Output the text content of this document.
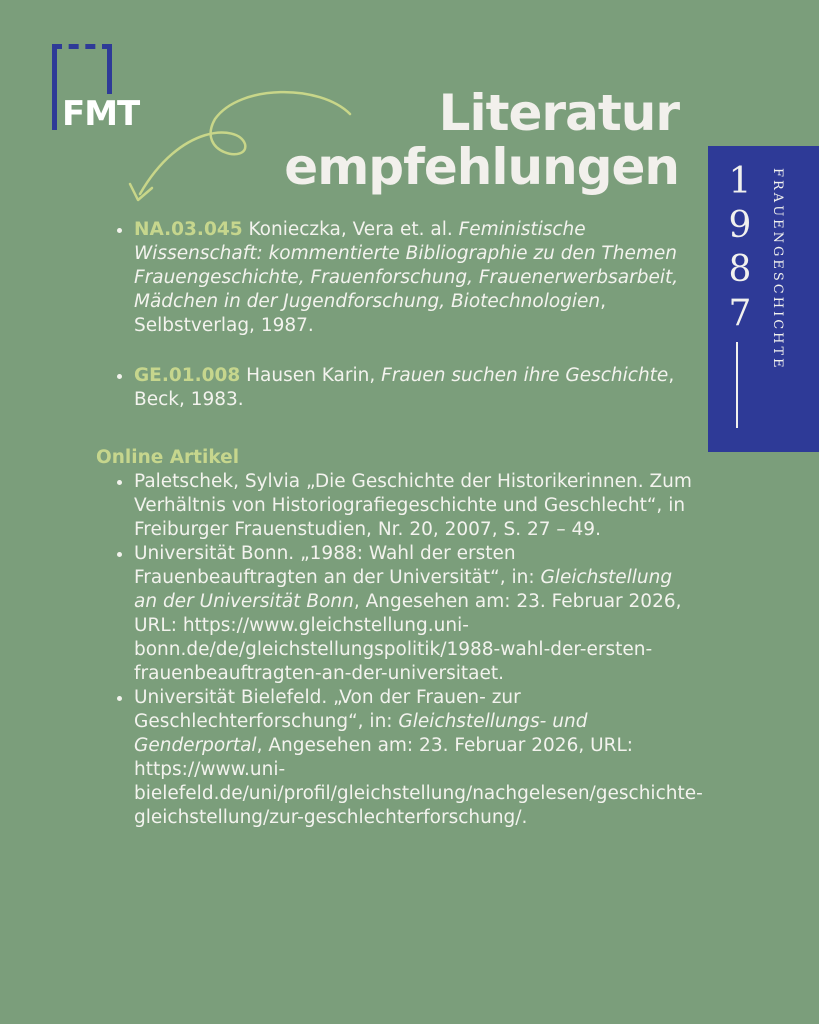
FMT	Literatur
empfehlungen 1
9
8
7	FRAUENGESCHICHTE
• NA.03.045 Konieczka, Vera et. al. Feministische Wissenschaft: kommentierte Bibliographie zu den Themen Frauengeschichte, Frauenforschung, Frauenerwerbsarbeit, Mädchen in der Jugendforschung, Biotechnologien, Selbstverlag, 1987.
• GE.01.008 Hausen Karin, Frauen suchen ihre Geschichte, Beck, 1983.
Online Artikel
• Paletschek, Sylvia „Die Geschichte der Historikerinnen. Zum Verhältnis von Historiografiegeschichte und Geschlecht“, in Freiburger Frauenstudien, Nr. 20, 2007, S. 27 – 49.
• Universität Bonn. „1988: Wahl der ersten Frauenbeauftragten an der Universität“, in: Gleichstellung an der Universität Bonn, Angesehen am: 23. Februar 2026, URL: https://www.gleichstellung.uni-bonn.de/de/gleichstellungspolitik/1988-wahl-der-ersten-frauenbeauftragten-an-der-universitaet.
• Universität Bielefeld. „Von der Frauen- zur Geschlechterforschung“, in: Gleichstellungs- und Genderportal, Angesehen am: 23. Februar 2026, URL: https://www.uni-bielefeld.de/uni/profil/gleichstellung/nachgelesen/geschichte-gleichstellung/zur-geschlechterforschung/.
